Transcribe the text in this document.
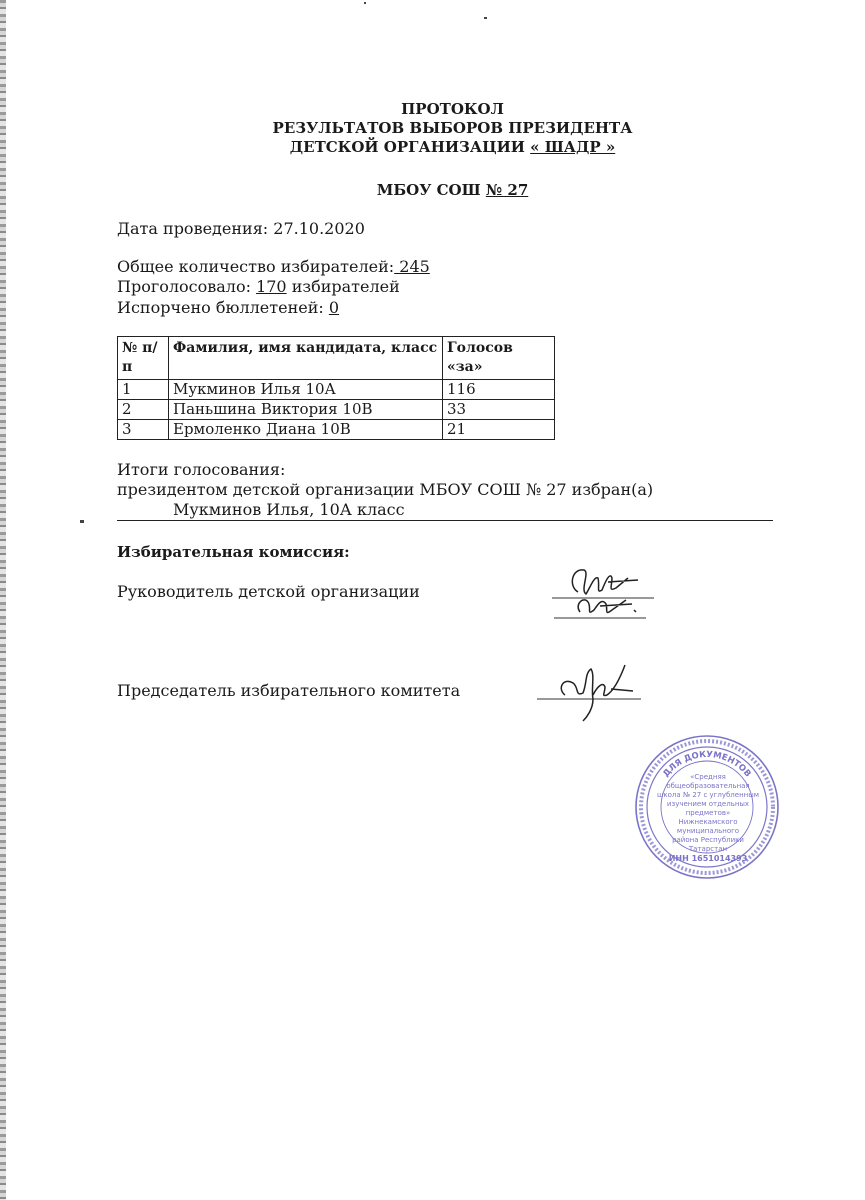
ПРОТОКОЛ
РЕЗУЛЬТАТОВ ВЫБОРОВ ПРЕЗИДЕНТА
ДЕТСКОЙ ОРГАНИЗАЦИИ « ШАДР »
МБОУ СОШ № 27
Дата проведения: 27.10.2020
Общее количество избирателей: 245
Проголосовало: 170 избирателей
Испорчено бюллетеней: 0
№ п/п	Фамилия, имя кандидата, класс	Голосов «за»
1	Мукминов Илья 10А	116
2	Паньшина Виктория 10В	33
3	Ермоленко Диана 10В	21
Итоги голосования:
президентом детской организации МБОУ СОШ № 27 избран(а)
Мукминов Илья, 10А класс
Избирательная комиссия:
Руководитель детской организации
Председатель избирательного комитета
ДЛЯ ДОКУМЕНТОВ
«Средняя
общеобразовательная
школа № 27 с углубленным
изучением отдельных предметов»
Нижнекамского муниципального
района Республики
Татарстан
ИНН 1651014393
